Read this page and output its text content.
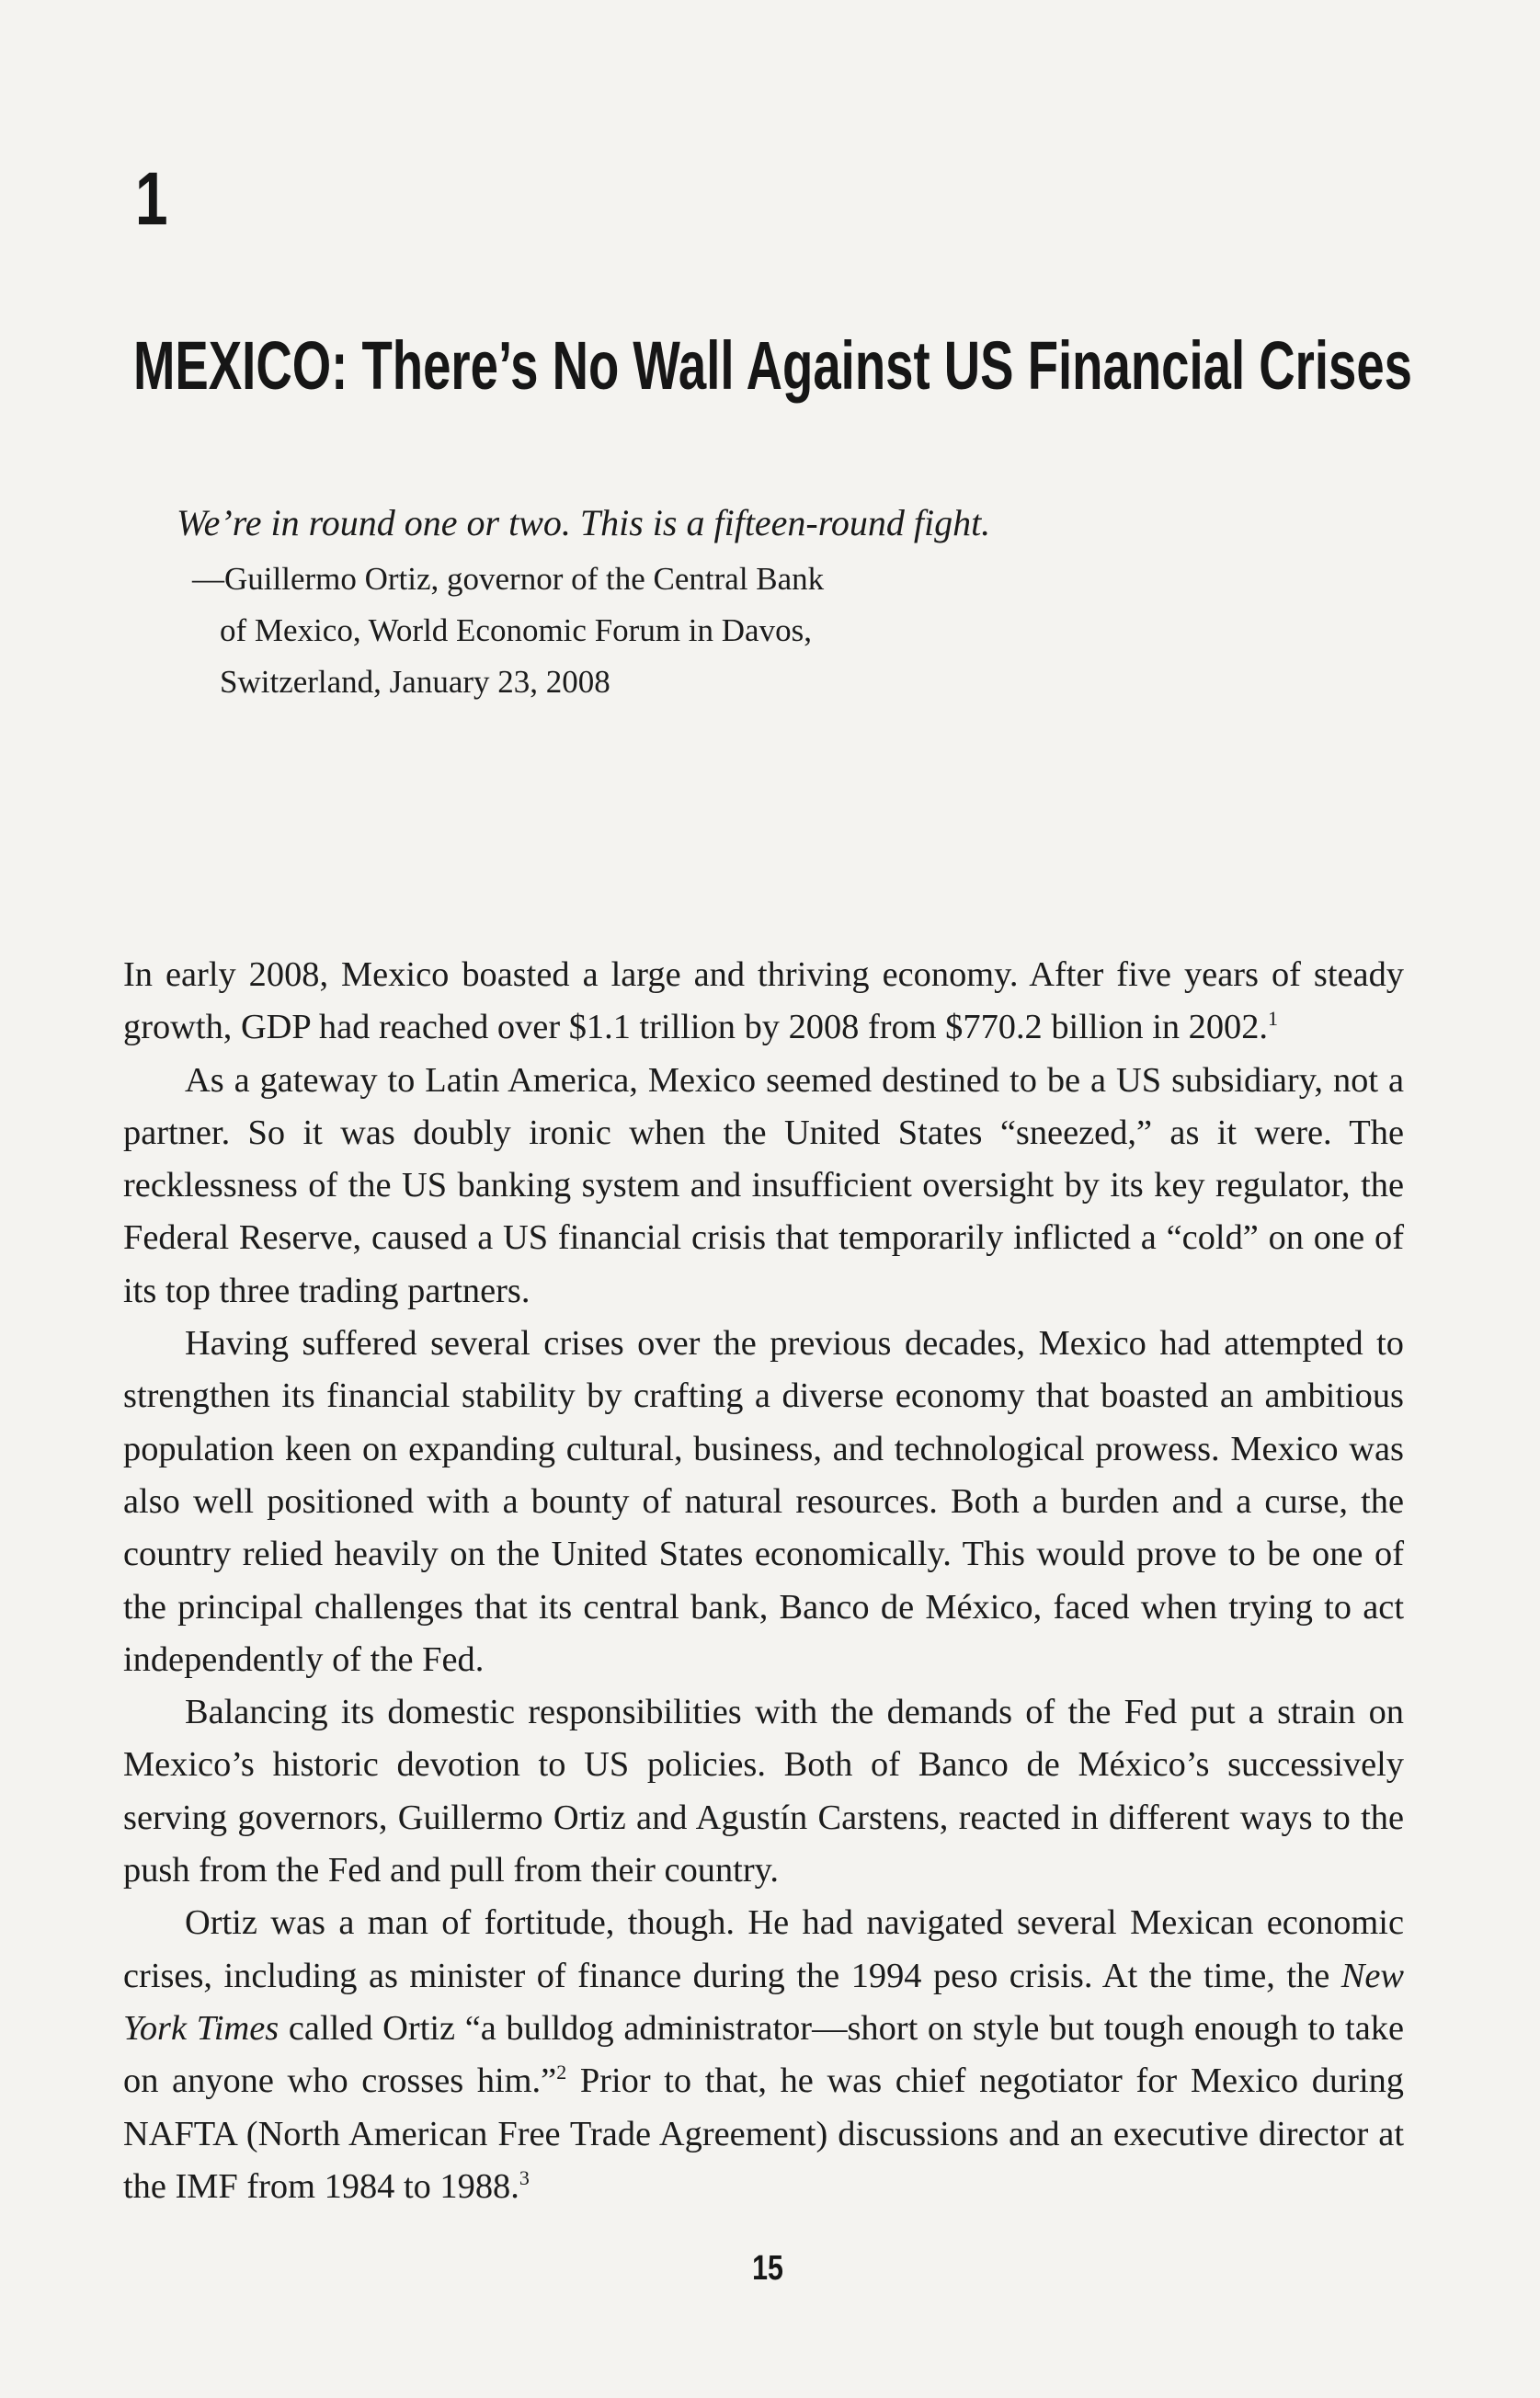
1
MEXICO: There’s No Wall Against US Financial Crises
We’re in round one or two. This is a fifteen-round fight.
—Guillermo Ortiz, governor of the Central Bank
of Mexico, World Economic Forum in Davos,
Switzerland, January 23, 2008

In early 2008, Mexico boasted a large and thriving economy. After five years of steady growth, GDP had reached over $1.1 trillion by 2008 from $770.2 billion in 2002.$^1$

As a gateway to Latin America, Mexico seemed destined to be a US subsidiary, not a partner. So it was doubly ironic when the United States “sneezed,” as it were. The recklessness of the US banking system and insufficient oversight by its key regulator, the Federal Reserve, caused a US financial crisis that temporarily inflicted a “cold” on one of its top three trading partners.

Having suffered several crises over the previous decades, Mexico had attempted to strengthen its financial stability by crafting a diverse economy that boasted an ambitious population keen on expanding cultural, business, and technological prowess. Mexico was also well positioned with a bounty of natural resources. Both a burden and a curse, the country relied heavily on the United States economically. This would prove to be one of the principal challenges that its central bank, Banco de México, faced when trying to act independently of the Fed.

Balancing its domestic responsibilities with the demands of the Fed put a strain on Mexico’s historic devotion to US policies. Both of Banco de México’s successively serving governors, Guillermo Ortiz and Agustín Carstens, reacted in different ways to the push from the Fed and pull from their country.

Ortiz was a man of fortitude, though. He had navigated several Mexican economic crises, including as minister of finance during the 1994 peso crisis. At the time, the New York Times called Ortiz “a bulldog administrator—short on style but tough enough to take on anyone who crosses him.”$^2$ Prior to that, he was chief negotiator for Mexico during NAFTA (North American Free Trade Agreement) discussions and an executive director at the IMF from 1984 to 1988.$^3$

15
